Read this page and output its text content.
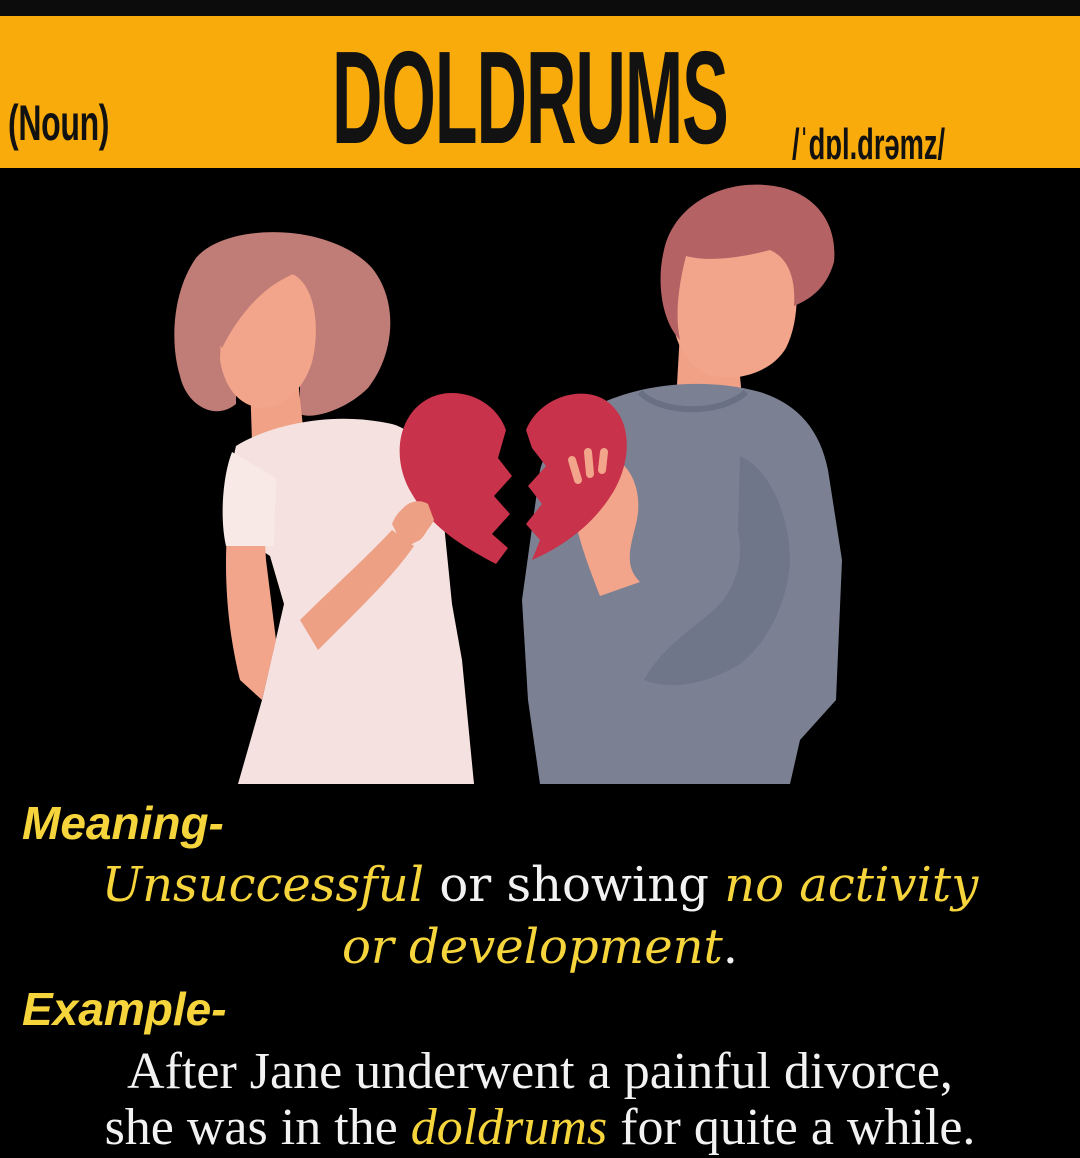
(Noun) DOLDRUMS /ˈdɒl.drəmz/
Meaning-
Unsuccessful or showing no activity
or development.
Example-
After Jane underwent a painful divorce,
she was in the doldrums for quite a while.
